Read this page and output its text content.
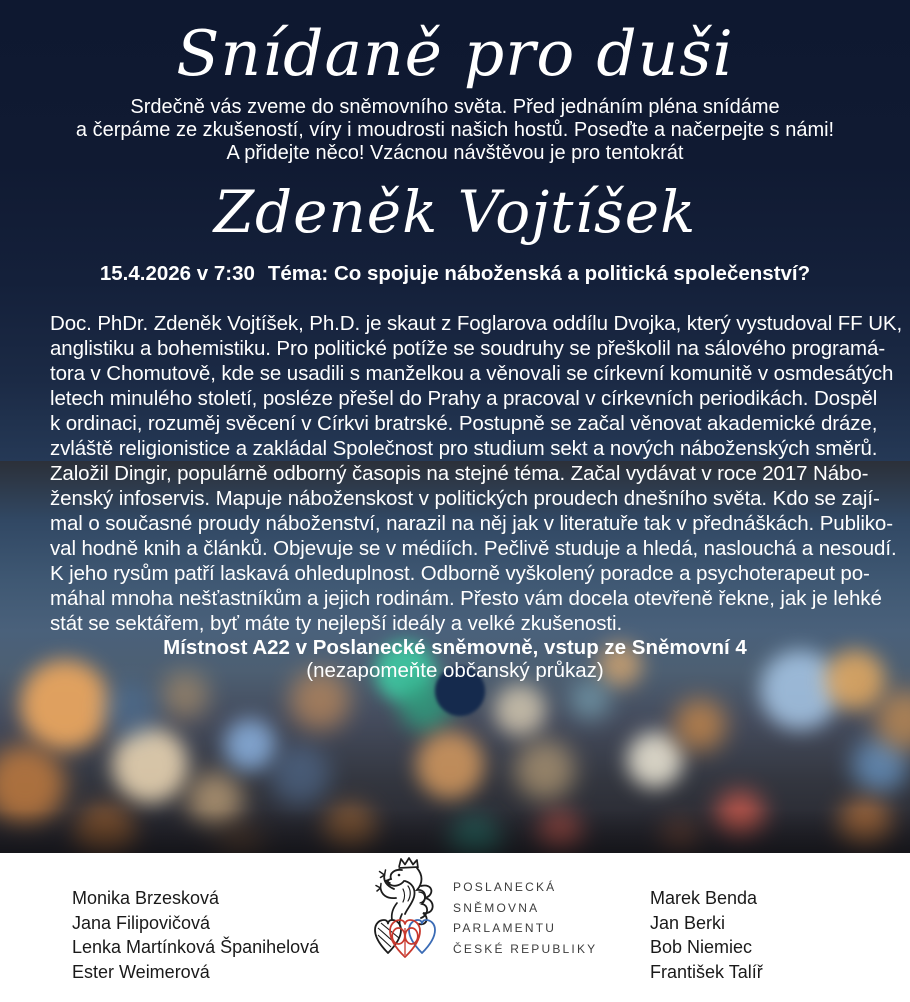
Snídaně pro duši
Srdečně vás zveme do sněmovního světa. Před jednáním pléna snídáme
a čerpáme ze zkušeností, víry i moudrosti našich hostů. Poseďte a načerpejte s námi!
A přidejte něco! Vzácnou návštěvou je pro tentokrát
Zdeněk Vojtíšek
15.4.2026 v 7:30 Téma: Co spojuje náboženská a politická společenství?
Doc. PhDr. Zdeněk Vojtíšek, Ph.D. je skaut z Foglarova oddílu Dvojka, který vystudoval FF UK,
anglistiku a bohemistiku. Pro politické potíže se soudruhy se přeškolil na sálového programá-
tora v Chomutově, kde se usadili s manželkou a věnovali se církevní komunitě v osmdesátých
letech minulého století, posléze přešel do Prahy a pracoval v církevních periodikách. Dospěl
k ordinaci, rozuměj svěcení v Církvi bratrské. Postupně se začal věnovat akademické dráze,
zvláště religionistice a zakládal Společnost pro studium sekt a nových náboženských směrů.
Založil Dingir, populárně odborný časopis na stejné téma. Začal vydávat v roce 2017 Nábo-
ženský infoservis. Mapuje náboženskost v politických proudech dnešního světa. Kdo se zají-
mal o současné proudy náboženství, narazil na něj jak v literatuře tak v přednáškách. Publiko-
val hodně knih a článků. Objevuje se v médiích. Pečlivě studuje a hledá, naslouchá a nesoudí.
K jeho rysům patří laskavá ohleduplnost. Odborně vyškolený poradce a psychoterapeut po-
máhal mnoha nešťastníkům a jejich rodinám. Přesto vám docela otevřeně řekne, jak je lehké
stát se sektářem, byť máte ty nejlepší ideály a velké zkušenosti.
Místnost A22 v Poslanecké sněmovně, vstup ze Sněmovní 4
(nezapomeňte občanský průkaz)
Monika Brzesková
Jana Filipovičová
Lenka Martínková Španihelová
Ester Weimerová
POSLANECKÁ
SNĚMOVNA
PARLAMENTU
ČESKÉ REPUBLIKY
Marek Benda
Jan Berki
Bob Niemiec
František Talíř
